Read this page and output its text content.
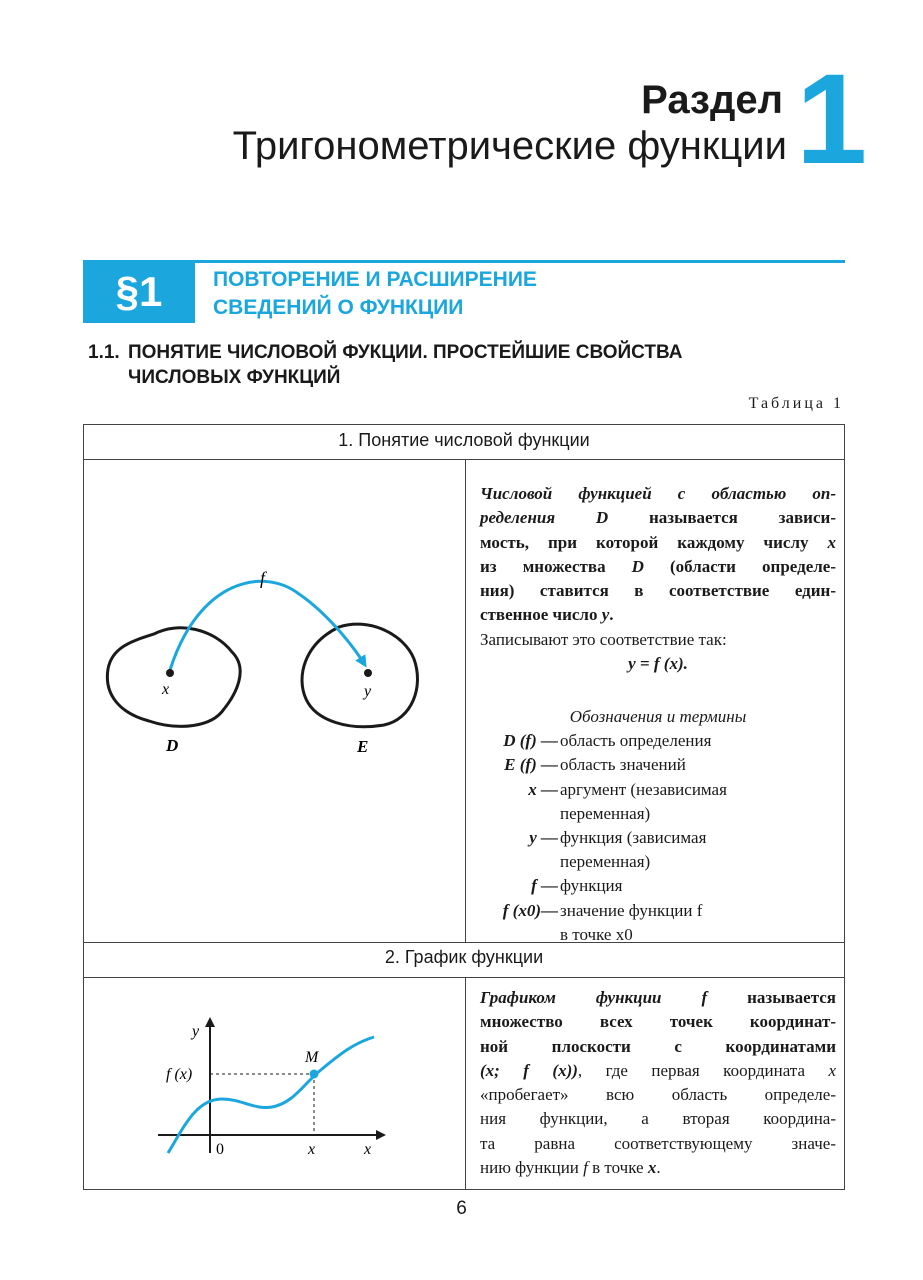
Раздел 1
Тригонометрические функции
§1	ПОВТОРЕНИЕ И РАСШИРЕНИЕ
СВЕДЕНИЙ О ФУНКЦИИ
1.1. ПОНЯТИЕ ЧИСЛОВОЙ ФУКЦИИ. ПРОСТЕЙШИЕ СВОЙСТВА
ЧИСЛОВЫХ ФУНКЦИЙ
Таблица 1
1. Понятие числовой функции
2. График функции
f
x	y
D	E
Числовой функцией с областью оп-
ределения D называется зависи-
мость, при которой каждому числу x
из множества D (области определе-
ния) ставится в соответствие един-
ственное число y.
Записывают это соответствие так:
y = f (x).
Обозначения и термины
D (f) — область определения
E (f) — область значений
x — аргумент (независимая
переменная)
y — функция (зависимая
переменная)
f — функция
f (x0)— значение функции f
в точке x0
y
x
f (x)
M
0	x
Графиком функции f называется
множество всех точек координат-
ной плоскости с координатами
(x; f (x)), где первая координата x
«пробегает» всю область определе-
ния функции, а вторая координа-
та равна соответствующему значе-
нию функции f в точке x.
6
